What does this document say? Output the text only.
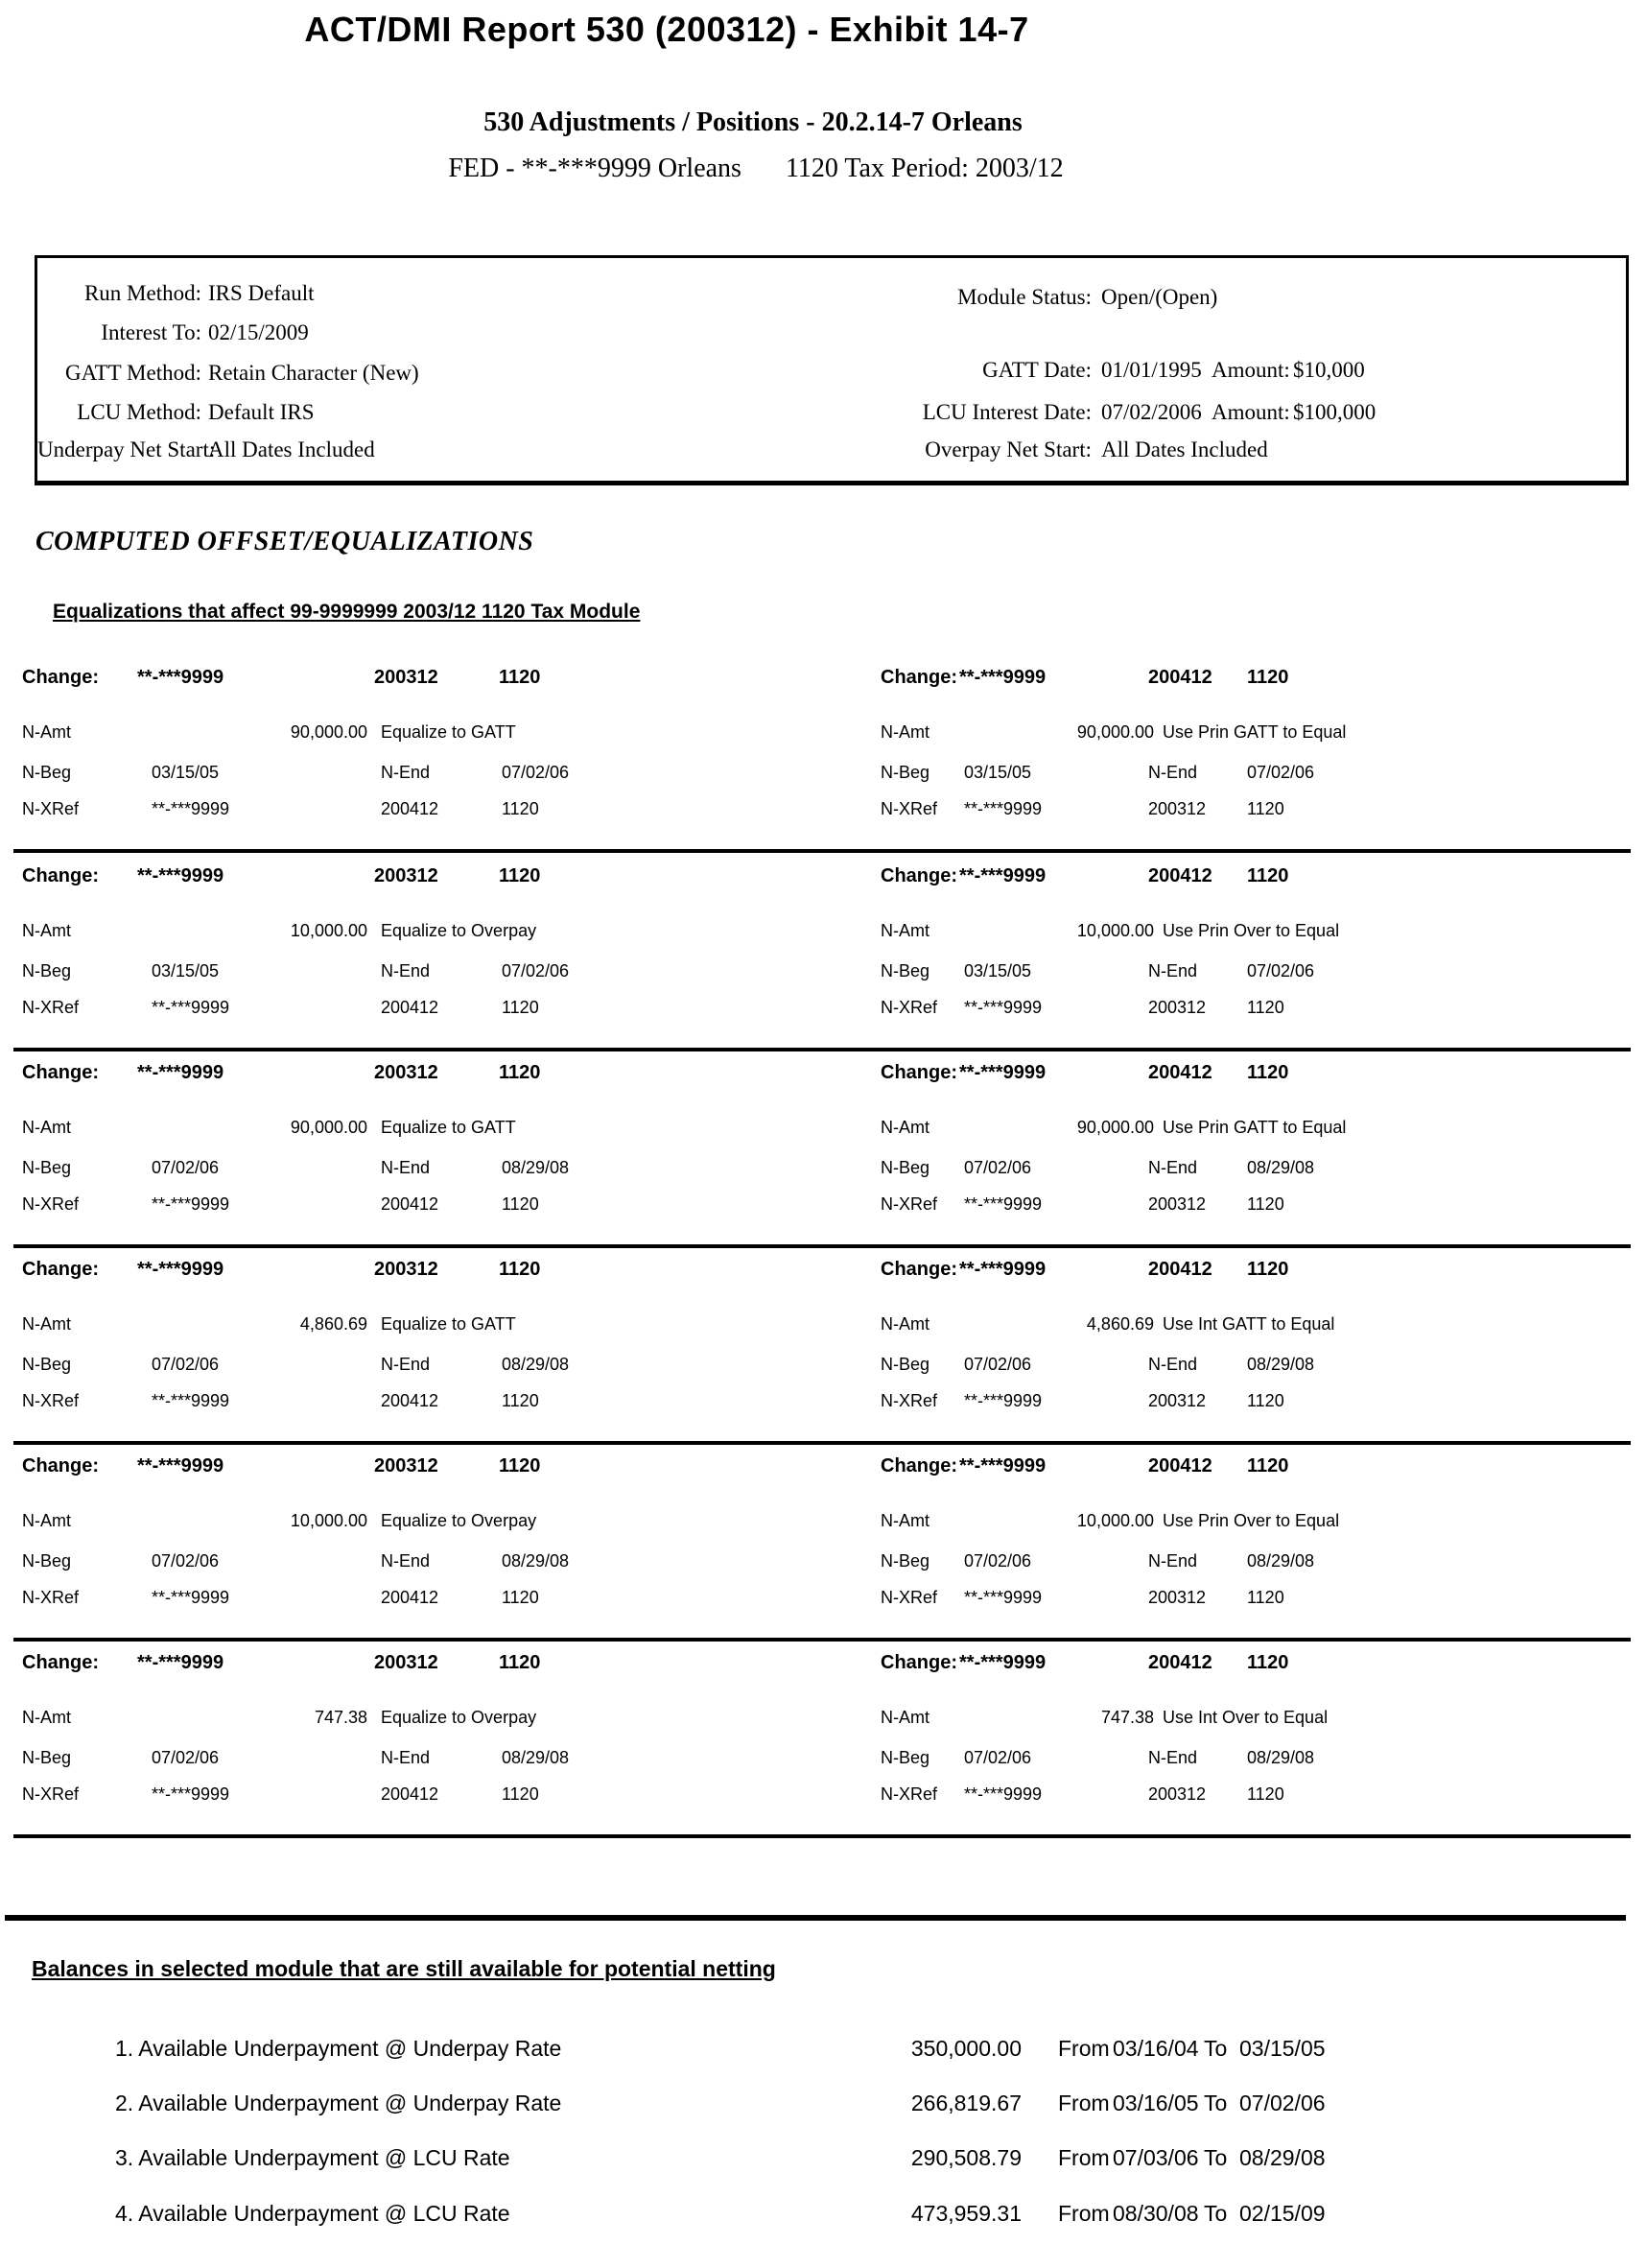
ACT/DMI Report 530 (200312) - Exhibit 14-7
530 Adjustments / Positions - 20.2.14-7 Orleans
FED - **-***9999 Orleans 1120 Tax Period: 2003/12
Run Method: IRS Default
Interest To: 02/15/2009
GATT Method: Retain Character (New)
LCU Method: Default IRS
Underpay Net Start:
All Dates Included
Module Status: Open/(Open)
GATT Date: 01/01/1995 Amount: $10,000
LCU Interest Date: 07/02/2006 Amount: $100,000
Overpay Net Start: All Dates Included
COMPUTED OFFSET/EQUALIZATIONS
Equalizations that affect 99-9999999 2003/12 1120 Tax Module
Change: **-***9999	200312	1120
N-Amt	90,000.00 Equalize to GATT
N-Beg	03/15/05	N-End	07/02/06
N-XRef	**-***9999	200412	1120
Change: **-***9999	200412 1120
N-Amt	90,000.00 Use Prin GATT to Equal
N-Beg 03/15/05	N-End	07/02/06
N-XRef **-***9999	200312 1120
Change: **-***9999	200312	1120
N-Amt	10,000.00 Equalize to Overpay
N-Beg	03/15/05	N-End	07/02/06
N-XRef	**-***9999	200412	1120
Change: **-***9999	200412 1120
N-Amt	10,000.00 Use Prin Over to Equal
N-Beg 03/15/05	N-End	07/02/06
N-XRef **-***9999	200312 1120
Change: **-***9999	200312	1120
N-Amt	90,000.00 Equalize to GATT
N-Beg	07/02/06	N-End	08/29/08
N-XRef	**-***9999	200412	1120
Change: **-***9999	200412 1120
N-Amt	90,000.00 Use Prin GATT to Equal
N-Beg 07/02/06	N-End	08/29/08
N-XRef **-***9999	200312 1120
Change: **-***9999	200312	1120
N-Amt	4,860.69 Equalize to GATT
N-Beg	07/02/06	N-End	08/29/08
N-XRef	**-***9999	200412	1120
Change: **-***9999	200412 1120
N-Amt	4,860.69 Use Int GATT to Equal
N-Beg 07/02/06	N-End	08/29/08
N-XRef **-***9999	200312 1120
Change: **-***9999	200312	1120
N-Amt	10,000.00 Equalize to Overpay
N-Beg	07/02/06	N-End	08/29/08
N-XRef	**-***9999	200412	1120
Change: **-***9999	200412 1120
N-Amt	10,000.00 Use Prin Over to Equal
N-Beg 07/02/06	N-End	08/29/08
N-XRef **-***9999	200312 1120
Change: **-***9999	200312	1120
N-Amt	747.38 Equalize to Overpay
N-Beg	07/02/06	N-End	08/29/08
N-XRef	**-***9999	200412	1120
Change: **-***9999	200412 1120
N-Amt	747.38 Use Int Over to Equal
N-Beg 07/02/06	N-End	08/29/08
N-XRef **-***9999	200312 1120
Balances in selected module that are still available for potential netting
1. Available Underpayment @ Underpay Rate	350,000.00 From 03/16/04 To 03/15/05
2. Available Underpayment @ Underpay Rate	266,819.67 From 03/16/05 To 07/02/06
3. Available Underpayment @ LCU Rate	290,508.79 From 07/03/06 To 08/29/08
4. Available Underpayment @ LCU Rate	473,959.31 From 08/30/08 To 02/15/09
